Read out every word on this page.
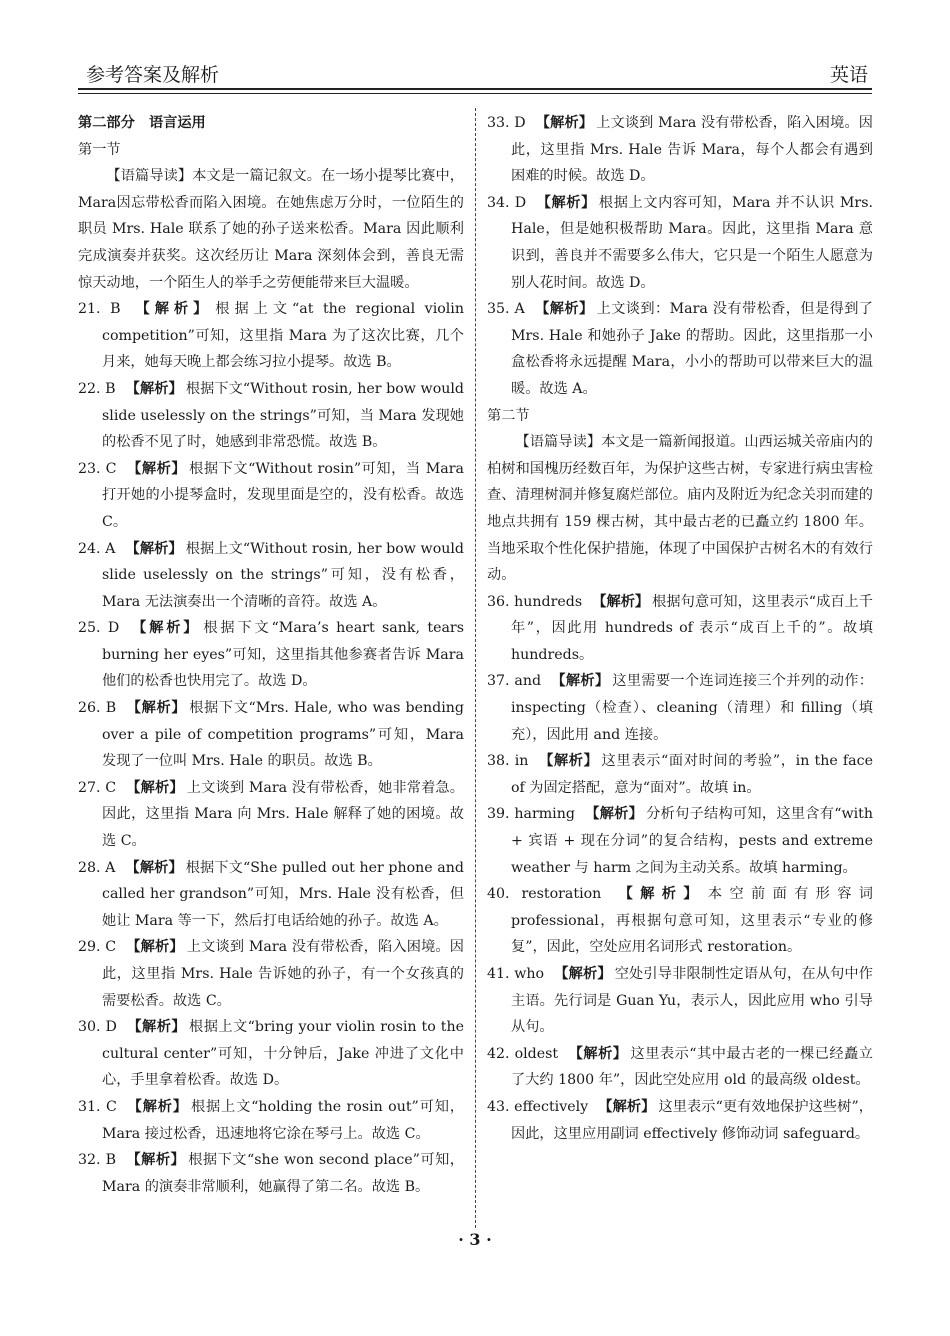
参考答案及解析	英语
第二部分　语言运用
第一节
【语篇导读】本文是一篇记叙文。在一场小提琴比赛中，Mara因忘带松香而陷入困境。在她焦虑万分时，一位陌生的职员 Mrs. Hale 联系了她的孙子送来松香。Mara 因此顺利完成演奏并获奖。这次经历让 Mara 深刻体会到，善良无需惊天动地，一个陌生人的举手之劳便能带来巨大温暖。
21. B 【解析】 根据上文“at the regional violin competition”可知，这里指 Mara 为了这次比赛，几个月来，她每天晚上都会练习拉小提琴。故选 B。
22. B 【解析】 根据下文“Without rosin, her bow would slide uselessly on the strings”可知，当 Mara 发现她的松香不见了时，她感到非常恐慌。故选 B。
23. C 【解析】 根据下文“Without rosin”可知，当 Mara 打开她的小提琴盒时，发现里面是空的，没有松香。故选 C。
24. A 【解析】 根据上文“Without rosin, her bow would slide uselessly on the strings”可知，没有松香，Mara 无法演奏出一个清晰的音符。故选 A。
25. D 【解析】 根据下文“Mara’s heart sank, tears burning her eyes”可知，这里指其他参赛者告诉 Mara 他们的松香也快用完了。故选 D。
26. B 【解析】 根据下文“Mrs. Hale, who was bending over a pile of competition programs”可知，Mara 发现了一位叫 Mrs. Hale 的职员。故选 B。
27. C 【解析】 上文谈到 Mara 没有带松香，她非常着急。因此，这里指 Mara 向 Mrs. Hale 解释了她的困境。故选 C。
28. A 【解析】 根据下文“She pulled out her phone and called her grandson”可知，Mrs. Hale 没有松香，但她让 Mara 等一下，然后打电话给她的孙子。故选 A。
29. C 【解析】 上文谈到 Mara 没有带松香，陷入困境。因此，这里指 Mrs. Hale 告诉她的孙子，有一个女孩真的需要松香。故选 C。
30. D 【解析】 根据上文“bring your violin rosin to the cultural center”可知，十分钟后，Jake 冲进了文化中心，手里拿着松香。故选 D。
31. C 【解析】 根据上文“holding the rosin out”可知，Mara 接过松香，迅速地将它涂在琴弓上。故选 C。
32. B 【解析】 根据下文“she won second place”可知，Mara 的演奏非常顺利，她赢得了第二名。故选 B。
33. D 【解析】 上文谈到 Mara 没有带松香，陷入困境。因此，这里指 Mrs. Hale 告诉 Mara，每个人都会有遇到困难的时候。故选 D。
34. D 【解析】 根据上文内容可知，Mara 并不认识 Mrs. Hale，但是她积极帮助 Mara。因此，这里指 Mara 意识到，善良并不需要多么伟大，它只是一个陌生人愿意为别人花时间。故选 D。
35. A 【解析】 上文谈到：Mara 没有带松香，但是得到了 Mrs. Hale 和她孙子 Jake 的帮助。因此，这里指那一小盒松香将永远提醒 Mara，小小的帮助可以带来巨大的温暖。故选 A。
第二节
【语篇导读】本文是一篇新闻报道。山西运城关帝庙内的柏树和国槐历经数百年，为保护这些古树，专家进行病虫害检查、清理树洞并修复腐烂部位。庙内及附近为纪念关羽而建的地点共拥有 159 棵古树，其中最古老的已矗立约 1800 年。当地采取个性化保护措施，体现了中国保护古树名木的有效行动。
36. hundreds 【解析】 根据句意可知，这里表示“成百上千年”，因此用 hundreds of 表示“成百上千的”。故填 hundreds。
37. and 【解析】 这里需要一个连词连接三个并列的动作：inspecting（检查）、cleaning（清理）和 filling（填充），因此用 and 连接。
38. in 【解析】 这里表示“面对时间的考验”，in the face of 为固定搭配，意为“面对”。故填 in。
39. harming 【解析】 分析句子结构可知，这里含有“with + 宾语 + 现在分词”的复合结构，pests and extreme weather 与 harm 之间为主动关系。故填 harming。
40. restoration 【解析】 本空前面有形容词 professional，再根据句意可知，这里表示“专业的修复”，因此，空处应用名词形式 restoration。
41. who 【解析】 空处引导非限制性定语从句，在从句中作主语。先行词是 Guan Yu，表示人，因此应用 who 引导从句。
42. oldest 【解析】 这里表示“其中最古老的一棵已经矗立了大约 1800 年”，因此空处应用 old 的最高级 oldest。
43. effectively 【解析】 这里表示“更有效地保护这些树”，因此，这里应用副词 effectively 修饰动词 safeguard。
· 3 ·
